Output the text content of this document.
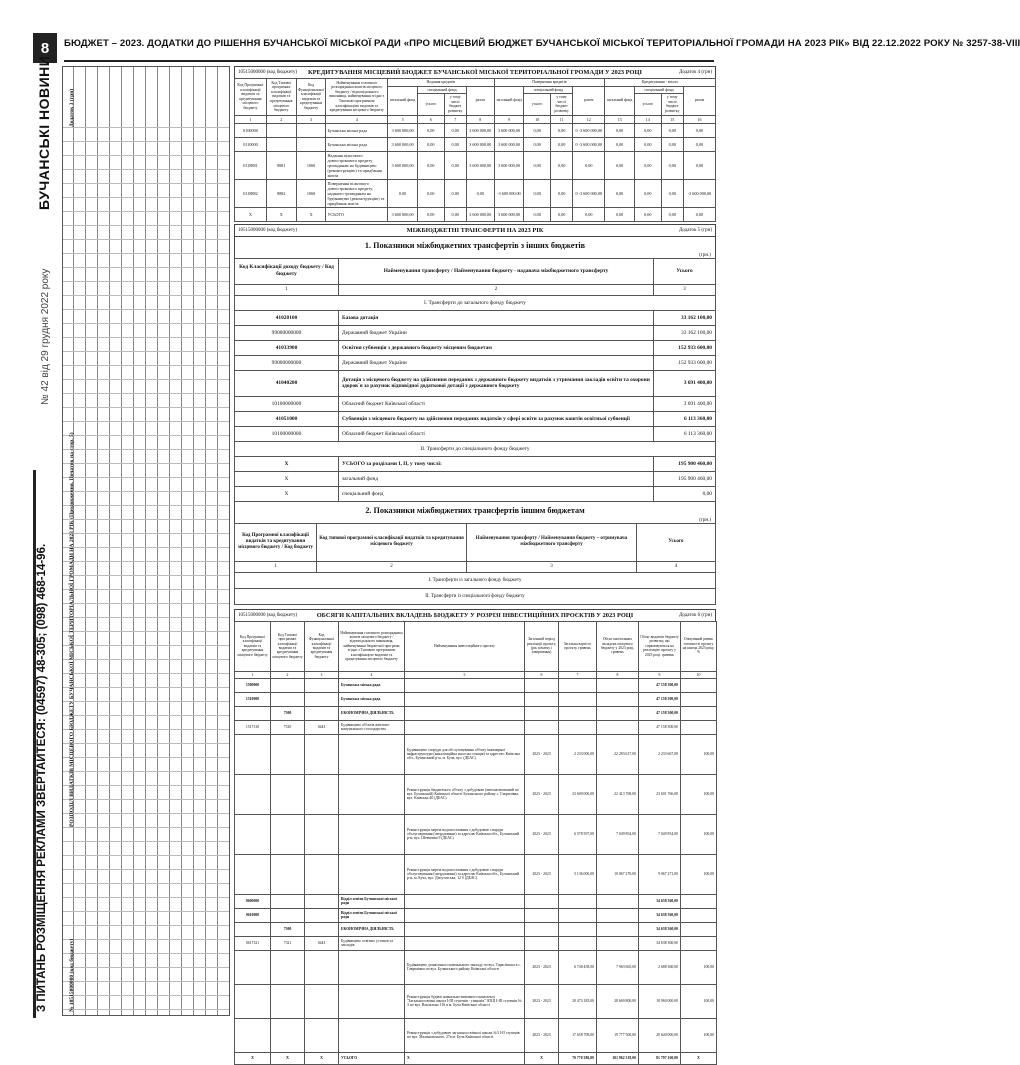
8	БЮДЖЕТ – 2023. ДОДАТКИ ДО РІШЕННЯ БУЧАНСЬКОЇ МІСЬКОЇ РАДИ «ПРО МІСЦЕВИЙ БЮДЖЕТ БУЧАНСЬКОЇ МІСЬКОЇ ТЕРИТОРІАЛЬНОЇ ГРОМАДИ НА 2023 РІК» ВІД 22.12.2022 РОКУ № 3257-38-VIII
БУЧАНСЬКІ НОВИНИ
№ 42 від 29 грудня 2022 року
З ПИТАНЬ РОЗМІЩЕННЯ РЕКЛАМИ ЗВЕРТАЙТЕСЯ: (04597) 48-305; (098) 468-14-96.	РОЗПОДІЛ ВИДАТКІВ МІСЦЕВОГО БЮДЖЕТУ БУЧАНСЬКОЇ МІСЬКОЇ ТЕРИТОРІАЛЬНОЇ ГРОМАДИ НА 2023 РІК (Продовження. Початок на стор. 5)
Додаток 3 (грн)
№ 10515000000 (код бюджету)
10515000000 (код бюджету)	КРЕДИТУВАННЯ МІСЦЕВИЙ БЮДЖЕТ БУЧАНСЬКОЇ МІСЬКОЇ ТЕРИТОРІАЛЬНОЇ ГРОМАДИ У 2023 РОЦІ	Додаток 4 (грн)
Код Програмної класифікації видатків та кредитування місцевого бюджету	Код Типової програмної класифікації видатків та кредитування місцевого бюджету	Код Функціональної класифікації видатків та кредитування бюджету	Найменування головного розпорядника коштів місцевого бюджету / відповідального виконавця, найменування згідно з Типовою програмною класифікацією видатків та кредитування місцевого бюджету	Надання кредитів				Повернення кредитів				Кредитування - всього			
				загальний фонд	спеціальний фонд		разом	загальний фонд	спеціальний фонд		разом	загальний фонд	спеціальний фонд		разом
					усього	у тому числі бюджет розвитку			усього	у тому числі бюджет розвитку			усього	у тому числі бюджет розвитку	
1	2	3	4	5	6	7	8	9	10	11	12	13	14	15	16
0100000			Бучанська міська рада	3 600 000,00	0,00	0,00	3 600 000,00	3 600 000,00	0,00	0,00	0 -3 600 000,00	0,00	0,00	0,00	0,00
0110000			Бучанська міська рада	3 600 000,00	0,00	0,00	3 600 000,00	3 600 000,00	0,00	0,00	0 -3 600 000,00	0,00	0,00	0,00	0,00
0118881	8881	1060	Надання пільгового довгострокового кредиту громадянам на будівництво (реконструкцію) та придбання житла	3 600 000,00	0,00	0,00	3 600 000,00	3 600 000,00	0,00	0,00	0,00	0,00	0,00	0,00	0,00
0118882	8882	1060	Повернення пільгового довгострокового кредиту, наданого громадянам на будівництво (реконструкцію) та придбання житла	0,00	0,00	0,00	0,00	-3 600 000,00	0,00	0,00	0 -3 600 000,00	0,00	0,00	0,00	-3 600 000,00
X	X	X	УСЬОГО	3 600 000,00	0,00	0,00	3 600 000,00	3 600 000,00	0,00	0,00	0,00	0,00	0,00	0,00	0,00
10515000000 (код бюджету)	МІЖБЮДЖЕТНІ ТРАНСФЕРТИ НА 2023 РІК	Додаток 5 (грн)
1. Показники міжбюджетних трансфертів з інших бюджетів
(грн.)
Код Класифікації доходу бюджету / Код бюджету	Найменування трансферту / Найменування бюджету - надавача міжбюджетного трансферту	Усього
1	2	3
I. Трансферти до загального фонду бюджету		
41020100	Базова дотація	33 162 100,00
99000000000	Державний бюджет України	33 162 100,00
41033900	Освітня субвенція з державного бюджету місцевим бюджетам	152 933 600,00
99000000000	Державний бюджет України	152 933 600,00
41040200	Дотація з місцевого бюджету на здійснення переданих з державного бюджету видатків з утримання закладів освіти та охорони здоров`я за рахунок відповідної додаткової дотації з державного бюджету	3 691 400,00
10100000000	Обласний бюджет Київської області	3 691 400,00
41051000	Субвенція з місцевого бюджету на здійснення переданих видатків у сфері освіти за рахунок коштів освітньої субвенції	6 113 360,00
10100000000	Обласний бюджет Київської області	6 113 360,00
II. Трансферти до спеціального фонду бюджету		
X	УСЬОГО за розділами I, II, у тому числі:	195 900 460,00
X	загальний фонд	195 900 460,00
X	спеціальний фонд	0,00
2. Показники міжбюджетних трансфертів іншим бюджетам
(грн.)
Код Програмної класифікації видатків та кредитування місцевого бюджету / Код бюджету	Код типової програмної класифікації видатків та кредитування місцевого бюджету	Найменування трансферту / Найменування бюджету – отримувача міжбюджетного трансферту	Усього
1	2	3	4
I. Трансферти із загального фонду бюджету			
II. Трансферти із спеціального фонду бюджету			
10515000000 (код бюджету)	ОБСЯГИ КАПІТАЛЬНИХ ВКЛАДЕНЬ БЮДЖЕТУ У РОЗРІЗІ ІНВЕСТИЦІЙНИХ ПРОЄКТІВ У 2023 РОЦІ	Додаток 6 (грн)
Код Програмної класифікації видатків та кредитування місцевого бюджету	Код Типової програмної класифікації видатків та кредитування місцевого бюджету	Код Функціональної класифікації видатків та кредитування бюджету	Найменування головного розпорядника коштів місцевого бюджету / відповідального виконавця, найменування бюджетної програми згідно з Типовою програмною класифікацією видатків та кредитування місцевого бюджету	Найменування інвестиційного проєкту	Загальний період реалізації проєкту, (рік початку і завершення)	Загальна вартість проєкту, гривень	Обсяг капітальних вкладень місцевого бюджету у 2023 році, гривень	Обсяг видатків бюджету розвитку, які спрямовуються на реалізацію проєкту у 2023 році, гривень	Очікуваний рівень готовності проєкту на кінець 2023 року, %
1	2	3	4	5	6	7	8	9	10
1500000			Бучанська міська рада					47 158 300,00	
1510000			Бучанська міська рада					47 158 300,00	
	7300		ЕКОНОМІЧНА ДІЯЛЬНІСТЬ					47 158 300,00	
1517310	7310	0443	Будівництво об'єктів житлово-комунального господарства					47 158 300,00	
				Будівництво споруди для обслуговування об'єкту інженерної інфраструктури (каналізаційна насосна станція) за адресою: Київська обл., Бучанський р-н, м. Буча, вул. (ДБАС)	2023 - 2023	2 233 000,00	22 283 617,00	2 233 667,00	100,00
				Реконструкція бюджетного об'єкту з добудовою (автоматизований по вул. Бучанській) Київської області Бучанського району с. Гаврилівка, вул. Київська 40 (ДБАС)	2023 - 2023	23 600 000,00	22 413 768,00	23 601 766,00	100,00
				Реконструкція мереж водопостачання з добудовою споруди обслуговування (свердловини) за адресою Київська обл., Бучанський р-н, вул. Шевченка 9 (ДБАС)	2023 - 2023	6 578 597,00	7 049 854,00	7 049 854,00	100,00
				Реконструкція мереж водопостачання з добудовою споруди обслуговування (свердловини) за адресою Київська обл., Бучанський р-н, м. Буча, вул. Депутатська, 12 б (ДБАС)	2023 - 2023	5 136 000,00	10 067 270,00	9 067 271,00	100,00
0600000			Відділ освіти Бучанської міської ради					34 638 360,00	
0610000			Відділ освіти Бучанської міської ради					34 638 360,00	
	7300		ЕКОНОМІЧНА ДІЯЛЬНІСТЬ					34 638 360,00	
0617321	7321	0443	Будівництво освітніх установ та закладів					34 638 360,00	
				Будівництво дошкільного навчального закладу по вул. Тарасівська в с. Гаврилівка по вул. Бучанського району Київської області	2023 - 2023	6 748 458,00	7 963 665,00	2 688 360,00	100,00
				Реконструкція будівлі навчально-виховного комплексу "Загальноосвітня школа I-III ступенів - гімназія" ЗОШ I-III ступенів № 3 по вул. Вокзальна 116 в м. Буча Київської області	2023 - 2023	20 473 185,00	28 669 800,00	18 960 000,00	100,00
				Реконструкція з добудовою загальноосвітньої школи №3 I-II ступенів по вул. Малиновського, 27в м. Буча Київської області	2023 - 2023	17 658 708,00	19 777 500,00	20 640 000,00	100,00
X	X	X	УСЬОГО	X	X	70 770 386,00	101 962 318,00	81 797 160,00	X
